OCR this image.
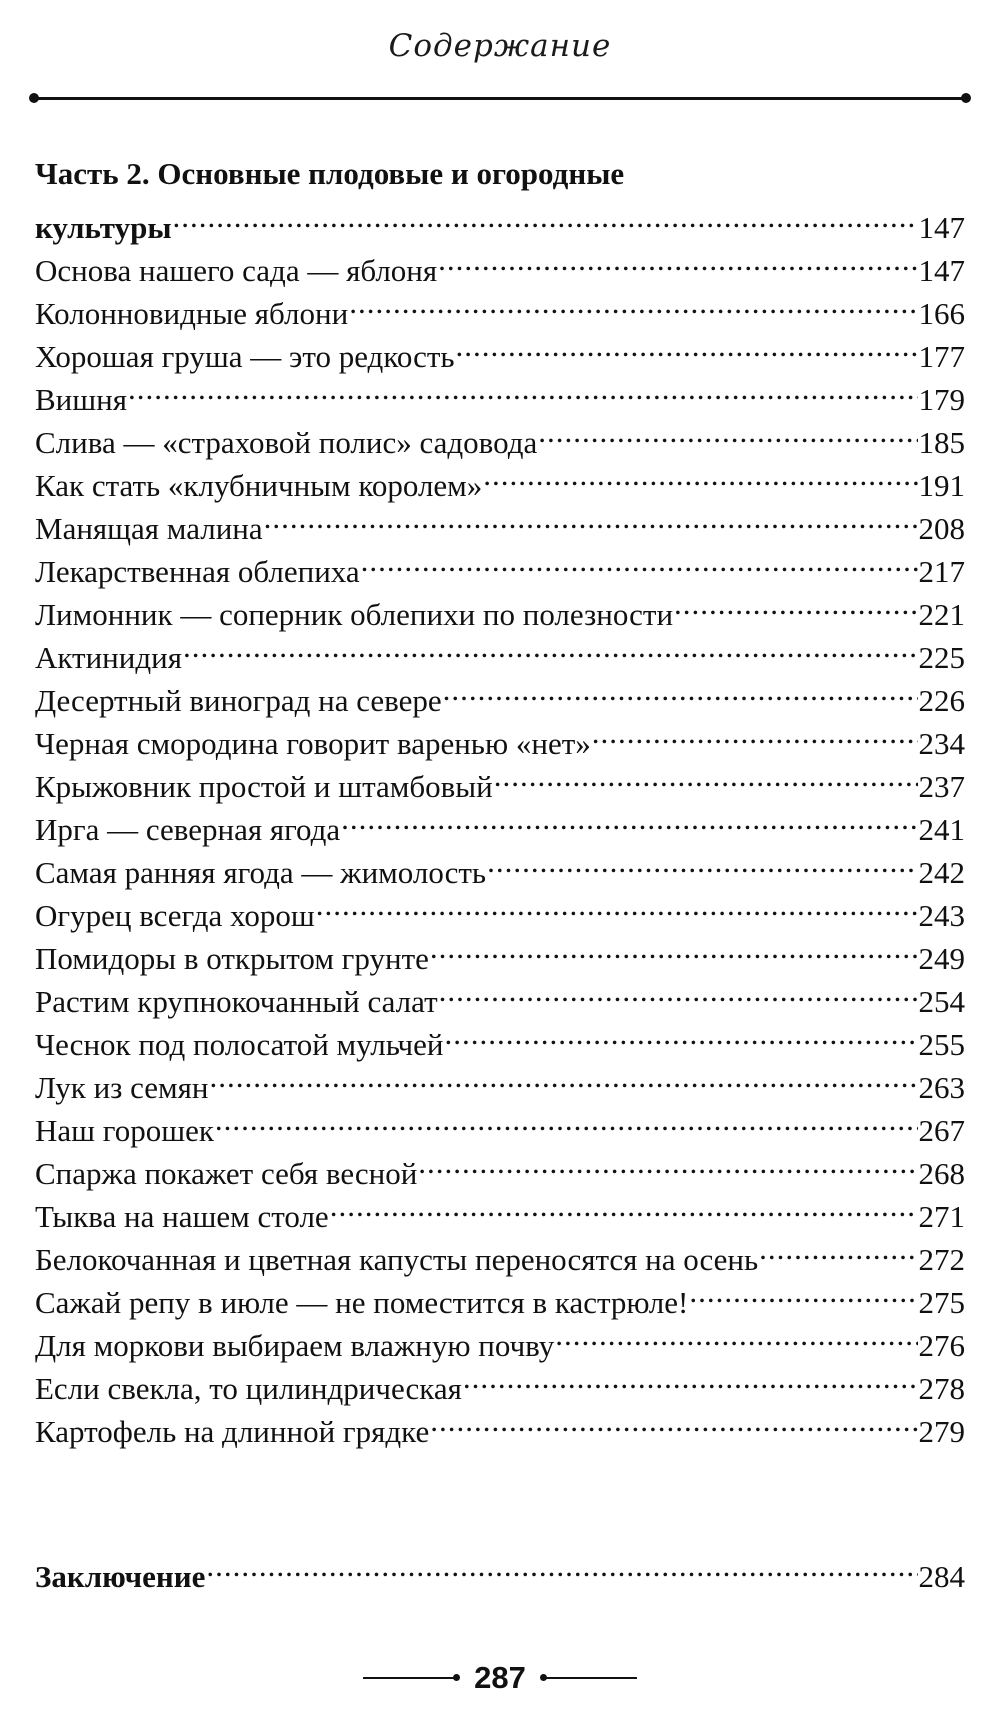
Содержание
Часть 2. Основные плодовые и огородные
культуры .....	147
Основа нашего сада — яблоня .....	147
Колонновидные яблони .....	166
Хорошая груша — это редкость .....	177
Вишня .....	179
Слива — «страховой полис» садовода .....	185
Как стать «клубничным королем» .....	191
Манящая малина .....	208
Лекарственная облепиха .....	217
Лимонник — соперник облепихи по полезности .....	221
Актинидия .....	225
Десертный виноград на севере .....	226
Черная смородина говорит варенью «нет» .....	234
Крыжовник простой и штамбовый .....	237
Ирга — северная ягода .....	241
Самая ранняя ягода — жимолость .....	242
Огурец всегда хорош .....	243
Помидоры в открытом грунте .....	249
Растим крупнокочанный салат .....	254
Чеснок под полосатой мульчей .....	255
Лук из семян .....	263
Наш горошек .....	267
Спаржа покажет себя весной .....	268
Тыква на нашем столе .....	271
Белокочанная и цветная капусты переносятся на осень .....	272
Сажай репу в июле — не поместится в кастрюле! .....	275
Для моркови выбираем влажную почву .....	276
Если свекла, то цилиндрическая .....	278
Картофель на длинной грядке .....	279
Заключение .....	284
287
